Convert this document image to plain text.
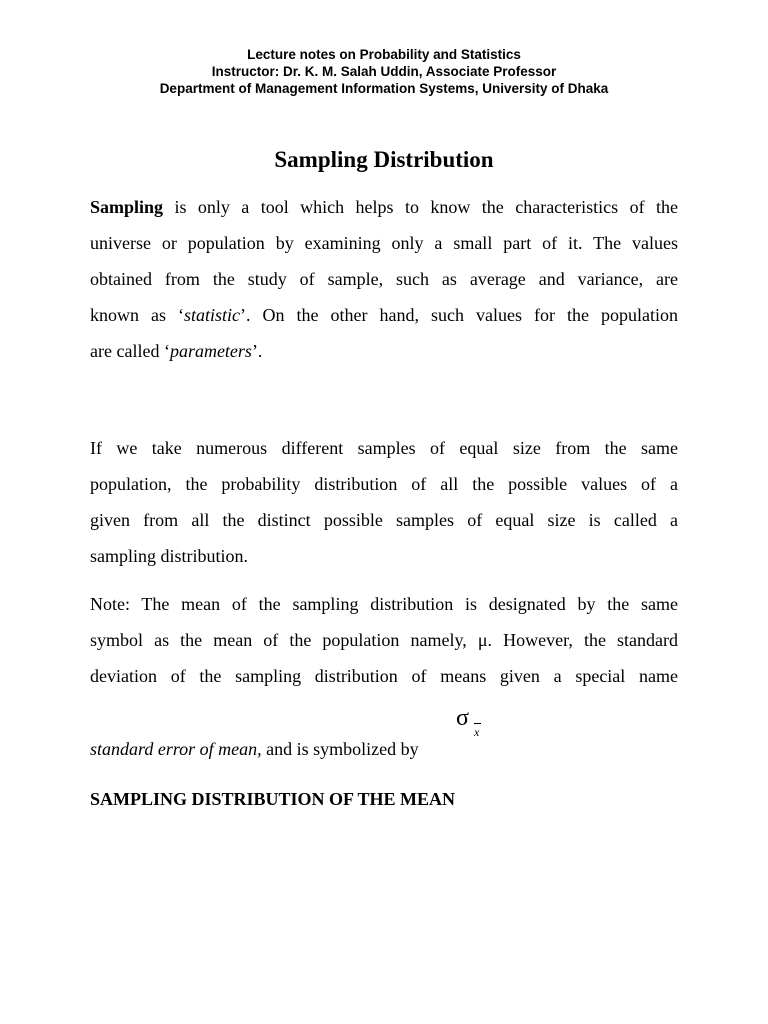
Lecture notes on Probability and Statistics
Instructor: Dr. K. M. Salah Uddin, Associate Professor
Department of Management Information Systems, University of Dhaka
Sampling Distribution
Sampling is only a tool which helps to know the characteristics of the
universe or population by examining only a small part of it. The values
obtained from the study of sample, such as average and variance, are
known as ‘statistic’. On the other hand, such values for the population
are called ‘parameters’.
If we take numerous different samples of equal size from the same
population, the probability distribution of all the possible values of a
given from all the distinct possible samples of equal size is called a
sampling distribution.
Note: The mean of the sampling distribution is designated by the same
symbol as the mean of the population namely, μ. However, the standard
deviation of the sampling distribution of means given a special name
standard error of mean, and is symbolized by
σ
x
SAMPLING DISTRIBUTION OF THE MEAN
